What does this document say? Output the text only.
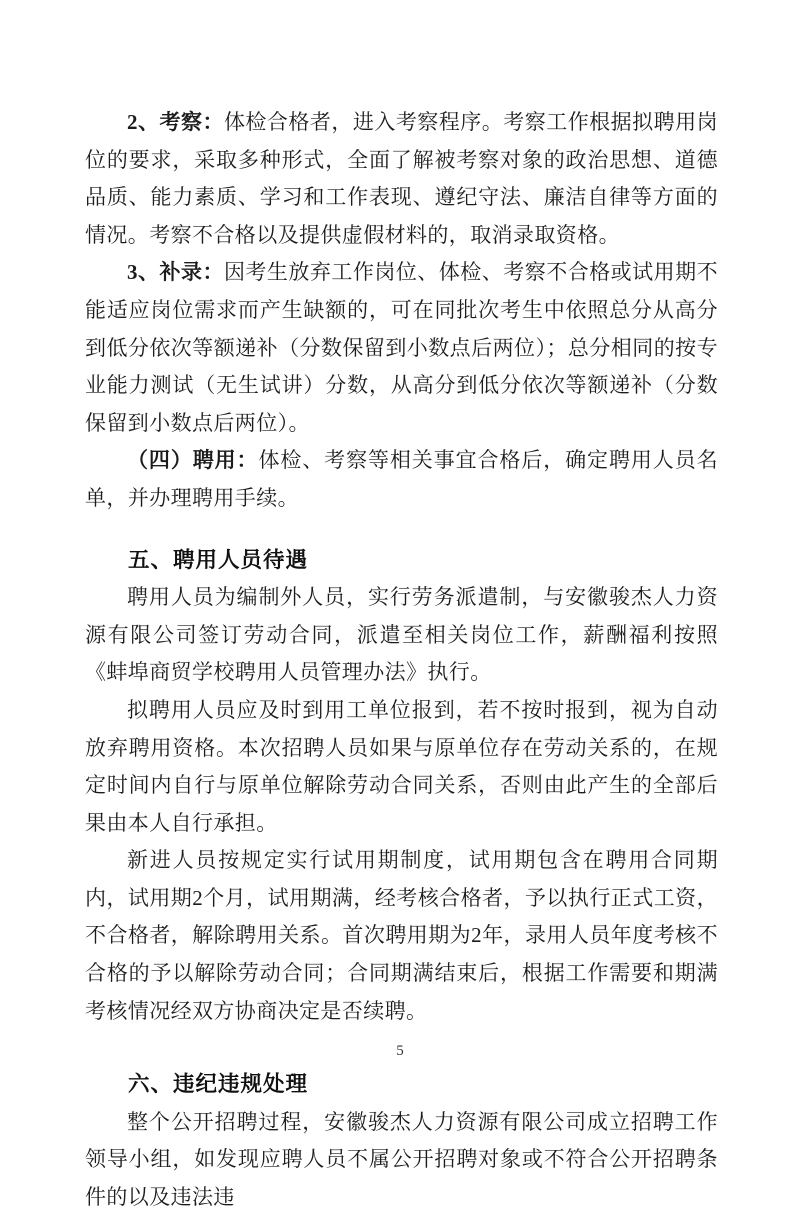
2、考察：体检合格者，进入考察程序。考察工作根据拟聘用岗位的要求，采取多种形式，全面了解被考察对象的政治思想、道德品质、能力素质、学习和工作表现、遵纪守法、廉洁自律等方面的情况。考察不合格以及提供虚假材料的，取消录取资格。

3、补录：因考生放弃工作岗位、体检、考察不合格或试用期不能适应岗位需求而产生缺额的，可在同批次考生中依照总分从高分到低分依次等额递补（分数保留到小数点后两位）；总分相同的按专业能力测试（无生试讲）分数，从高分到低分依次等额递补（分数保留到小数点后两位）。

（四）聘用：体检、考察等相关事宜合格后，确定聘用人员名单，并办理聘用手续。

五、聘用人员待遇

聘用人员为编制外人员，实行劳务派遣制，与安徽骏杰人力资源有限公司签订劳动合同，派遣至相关岗位工作，薪酬福利按照《蚌埠商贸学校聘用人员管理办法》执行。

拟聘用人员应及时到用工单位报到，若不按时报到，视为自动放弃聘用资格。本次招聘人员如果与原单位存在劳动关系的，在规定时间内自行与原单位解除劳动合同关系，否则由此产生的全部后果由本人自行承担。

新进人员按规定实行试用期制度，试用期包含在聘用合同期内，试用期2个月，试用期满，经考核合格者，予以执行正式工资，不合格者，解除聘用关系。首次聘用期为2年，录用人员年度考核不合格的予以解除劳动合同；合同期满结束后，根据工作需要和期满考核情况经双方协商决定是否续聘。

六、违纪违规处理

整个公开招聘过程，安徽骏杰人力资源有限公司成立招聘工作领导小组，如发现应聘人员不属公开招聘对象或不符合公开招聘条件的以及违法违

5
